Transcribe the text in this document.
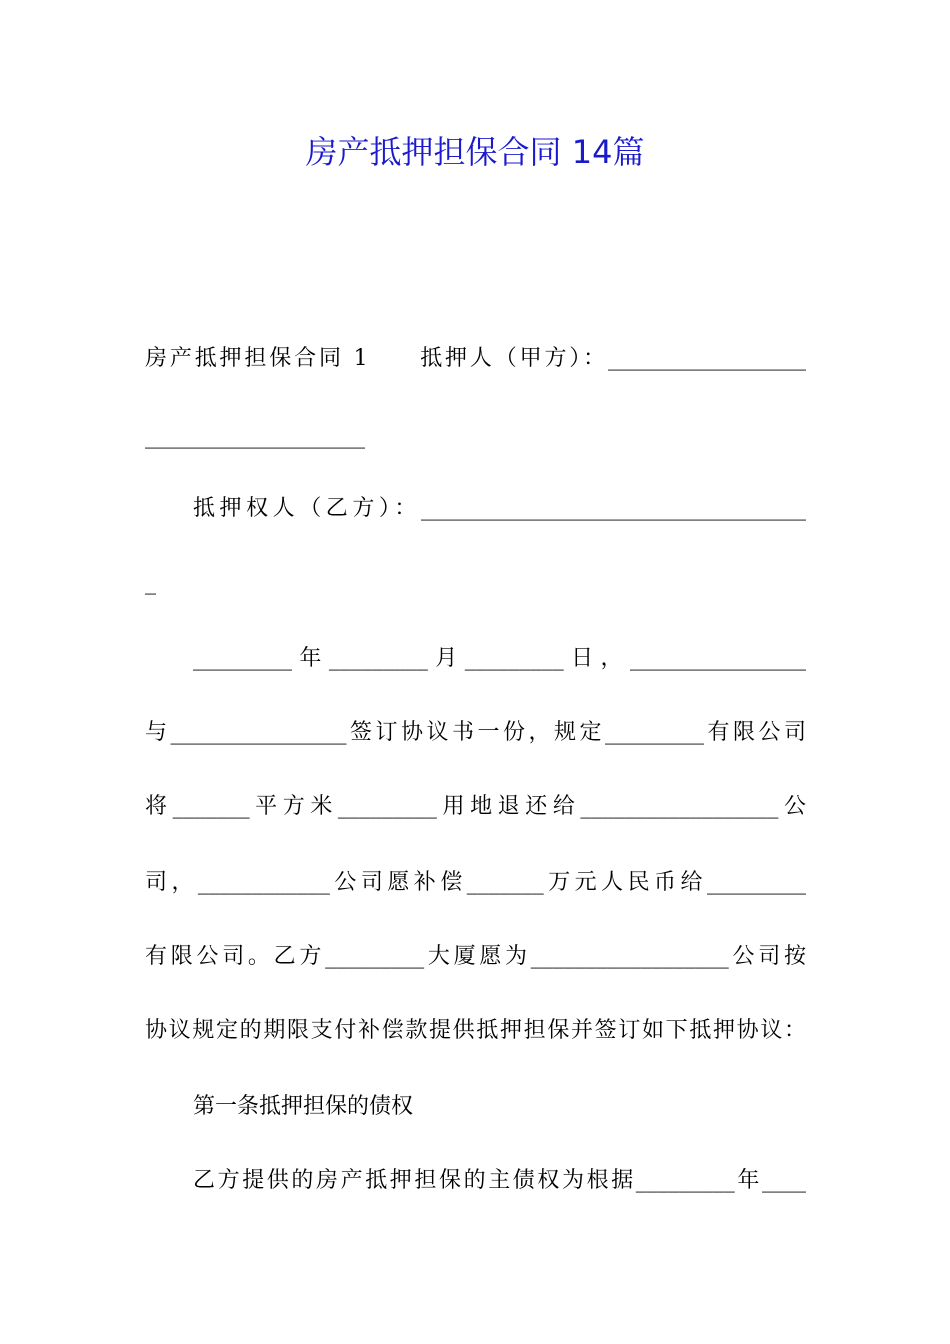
房产抵押担保合同 14篇
房产抵押担保合同 1　　抵押人（甲方）：__________________
____________________
抵押权人（乙方）：___________________________________
_
_________年_________月_________日，________________
与________________签订协议书一份，规定_________有限公司
将_______平方米_________用地退还给__________________公
司，____________公司愿补偿_______万元人民币给_________
有限公司。乙方_________大厦愿为__________________公司按
协议规定的期限支付补偿款提供抵押担保并签订如下抵押协议：
第一条抵押担保的债权
乙方提供的房产抵押担保的主债权为根据_________年____
